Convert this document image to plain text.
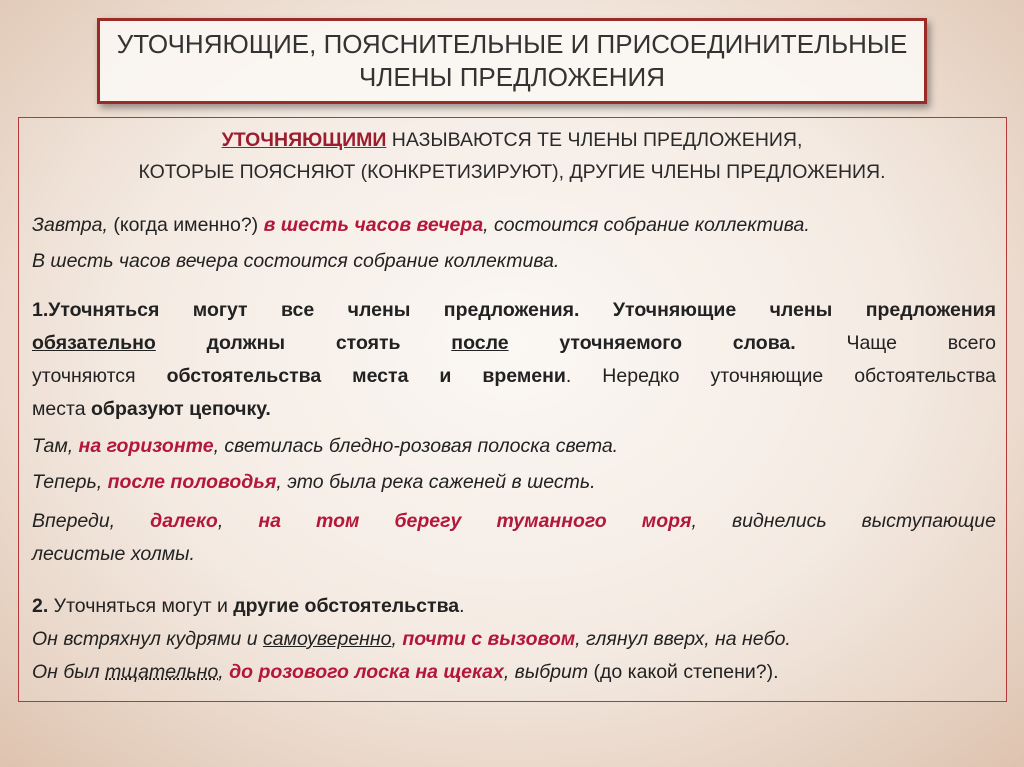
УТОЧНЯЮЩИЕ, ПОЯСНИТЕЛЬНЫЕ И ПРИСОЕДИНИТЕЛЬНЫЕ
ЧЛЕНЫ ПРЕДЛОЖЕНИЯ
УТОЧНЯЮЩИМИ НАЗЫВАЮТСЯ ТЕ ЧЛЕНЫ ПРЕДЛОЖЕНИЯ,
КОТОРЫЕ ПОЯСНЯЮТ (КОНКРЕТИЗИРУЮТ), ДРУГИЕ ЧЛЕНЫ ПРЕДЛОЖЕНИЯ.
Завтра, (когда именно?) в шесть часов вечера, состоится собрание коллектива.
В шесть часов вечера состоится собрание коллектива.
1.Уточняться могут все члены предложения. Уточняющие члены предложения
обязательно	должны	стоять	после	уточняемого слова.	Чаще	всего
уточняются обстоятельства места и времени. Нередко уточняющие обстоятельства
места образуют цепочку.
Там, на горизонте, светилась бледно-розовая полоска света.
Теперь, после половодья, это была река саженей в шесть.
Впереди, далеко, на том берегу туманного моря, виднелись выступающие
лесистые холмы.
2. Уточняться могут и другие обстоятельства.
Он встряхнул кудрями и самоуверенно, почти с вызовом, глянул вверх, на небо.
Он был тщательно, до розового лоска на щеках, выбрит (до какой степени?).
